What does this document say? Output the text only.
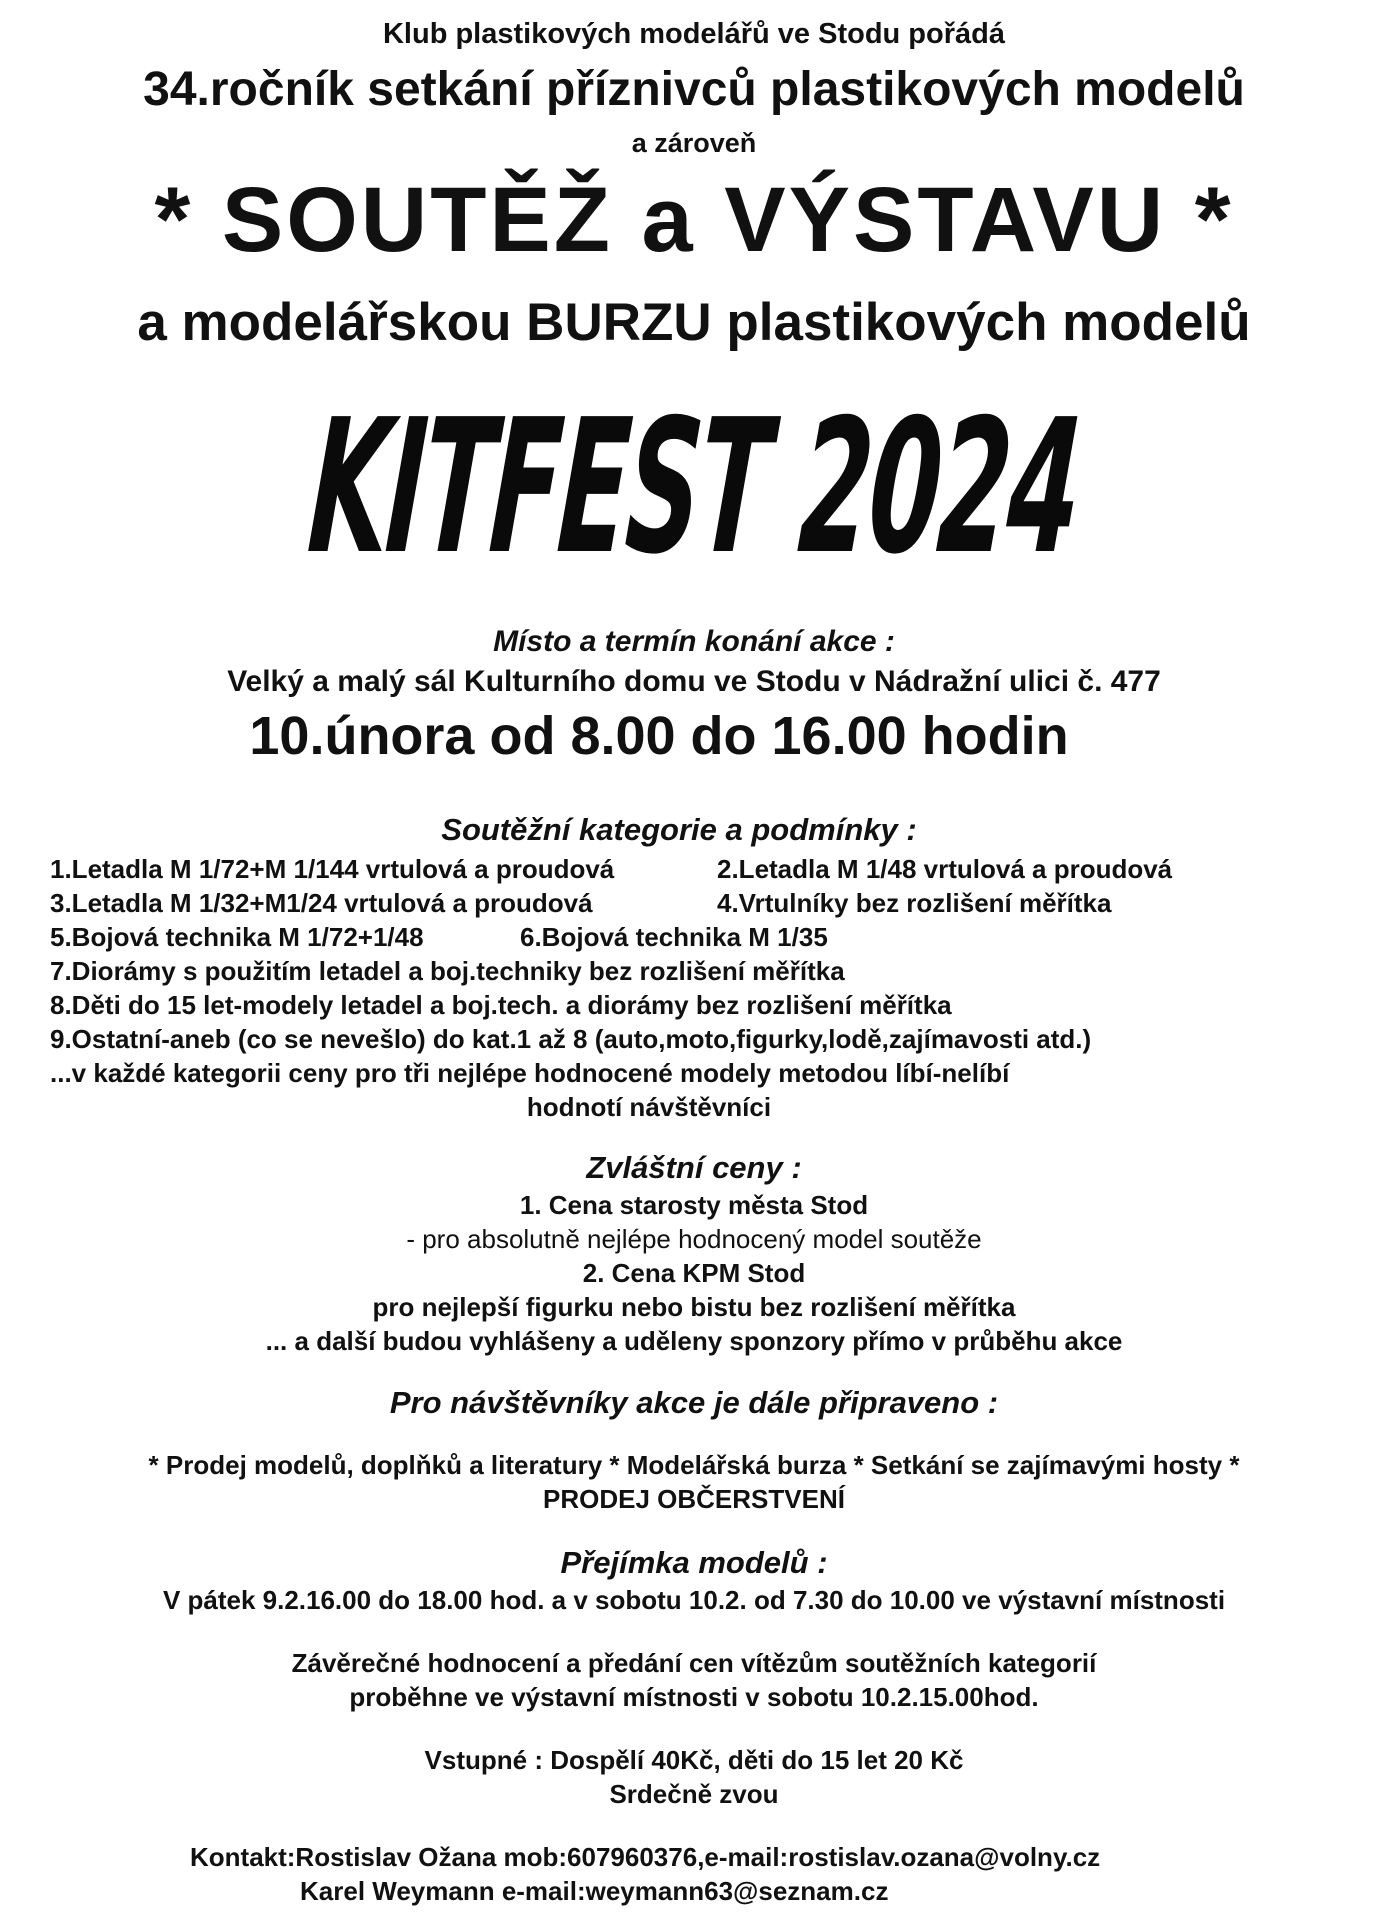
Klub plastikových modelářů ve Stodu pořádá

34.ročník setkání příznivců plastikových modelů

a zároveň

* SOUTĚŽ a VÝSTAVU *

a modelářskou BURZU plastikových modelů

KITFEST 2024

Místo a termín konání akce :

Velký a malý sál Kulturního domu ve Stodu v Nádražní ulici č. 477

10.února od 8.00 do 16.00 hodin

Soutěžní kategorie a podmínky :

1.Letadla M 1/72+M 1/144 vrtulová a proudová	2.Letadla M 1/48 vrtulová a proudová

3.Letadla M 1/32+M1/24 vrtulová a proudová	4.Vrtulníky bez rozlišení měřítka

5.Bojová technika M 1/72+1/48	6.Bojová technika M 1/35

7.Diorámy s použitím letadel a boj.techniky bez rozlišení měřítka

8.Děti do 15 let-modely letadel a boj.tech. a diorámy bez rozlišení měřítka

9.Ostatní-aneb (co se nevešlo) do kat.1 až 8 (auto,moto,figurky,lodě,zajímavosti atd.)

...v každé kategorii ceny pro tři nejlépe hodnocené modely metodou líbí-nelíbí

hodnotí návštěvníci

Zvláštní ceny :

1. Cena starosty města Stod

- pro absolutně nejlépe hodnocený model soutěže

2. Cena KPM Stod

pro nejlepší figurku nebo bistu bez rozlišení měřítka

... a další budou vyhlášeny a uděleny sponzory přímo v průběhu akce

Pro návštěvníky akce je dále připraveno :

* Prodej modelů, doplňků a literatury * Modelářská burza * Setkání se zajímavými hosty *

PRODEJ OBČERSTVENÍ

Přejímka modelů :

V pátek 9.2.16.00 do 18.00 hod. a v sobotu 10.2. od 7.30 do 10.00 ve výstavní místnosti

Závěrečné hodnocení a předání cen vítězům soutěžních kategorií

proběhne ve výstavní místnosti v sobotu 10.2.15.00hod.

Vstupné : Dospělí 40Kč, děti do 15 let 20 Kč

Srdečně zvou

Kontakt:Rostislav Ožana mob:607960376,e-mail:rostislav.ozana@volny.cz

Karel Weymann e-mail:weymann63@seznam.cz
